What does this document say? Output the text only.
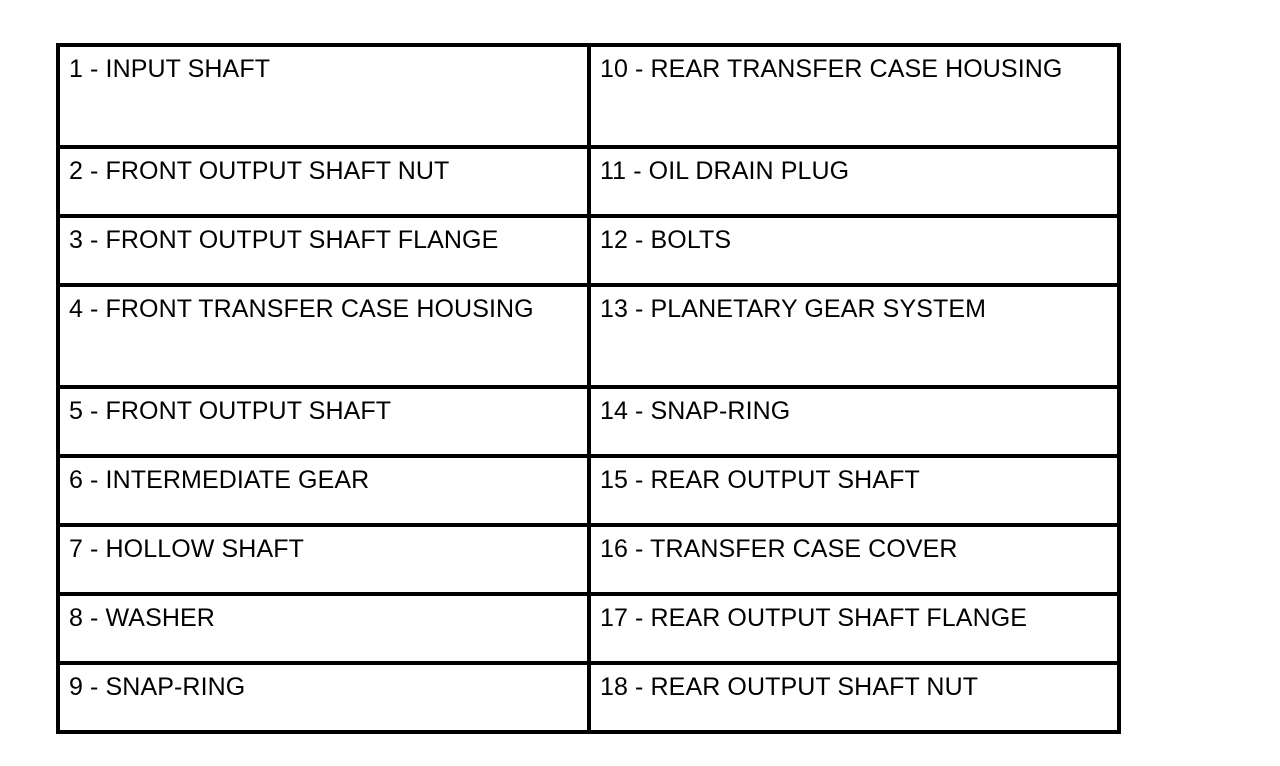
1 - INPUT SHAFT	10 - REAR TRANSFER CASE HOUSING
2 - FRONT OUTPUT SHAFT NUT	11 - OIL DRAIN PLUG
3 - FRONT OUTPUT SHAFT FLANGE	12 - BOLTS
4 - FRONT TRANSFER CASE HOUSING	13 - PLANETARY GEAR SYSTEM
5 - FRONT OUTPUT SHAFT	14 - SNAP-RING
6 - INTERMEDIATE GEAR	15 - REAR OUTPUT SHAFT
7 - HOLLOW SHAFT	16 - TRANSFER CASE COVER
8 - WASHER	17 - REAR OUTPUT SHAFT FLANGE
9 - SNAP-RING	18 - REAR OUTPUT SHAFT NUT
